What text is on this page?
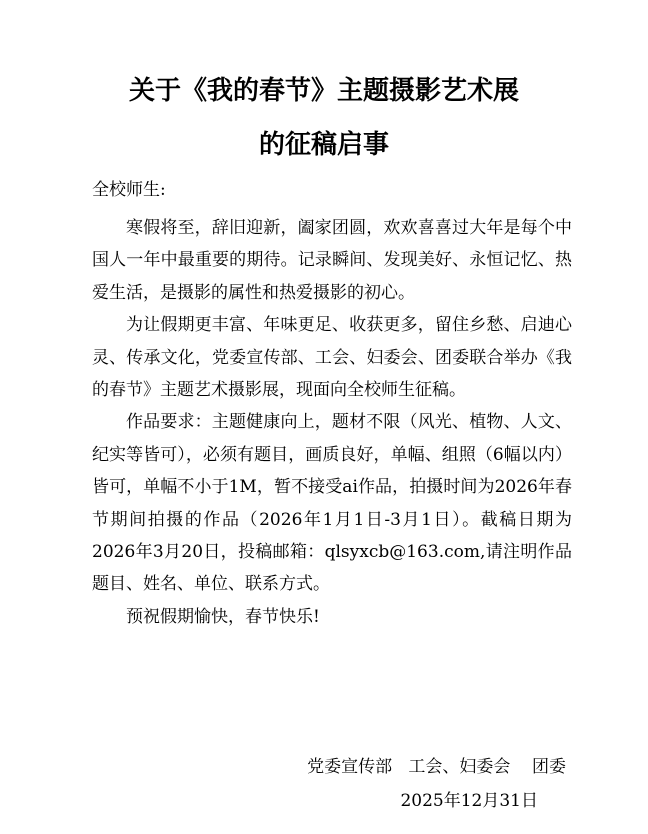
关于《我的春节》主题摄影艺术展
的征稿启事
全校师生:

寒假将至，辞旧迎新，阖家团圆，欢欢喜喜过大年是每个中国人一年中最重要的期待。记录瞬间、发现美好、永恒记忆、热爱生活，是摄影的属性和热爱摄影的初心。

为让假期更丰富、年味更足、收获更多，留住乡愁、启迪心灵、传承文化，党委宣传部、工会、妇委会、团委联合举办《我的春节》主题艺术摄影展，现面向全校师生征稿。

作品要求：主题健康向上，题材不限（风光、植物、人文、纪实等皆可），必须有题目，画质良好，单幅、组照（6幅以内）皆可，单幅不小于1M，暂不接受ai作品，拍摄时间为2026年春节期间拍摄的作品（2026年1月1日-3月1日）。截稿日期为2026年3月20日，投稿邮箱：qlsyxcb@163.com,请注明作品题目、姓名、单位、联系方式。

预祝假期愉快，春节快乐!

党委宣传部   工会、妇委会    团委
2025年12月31日
